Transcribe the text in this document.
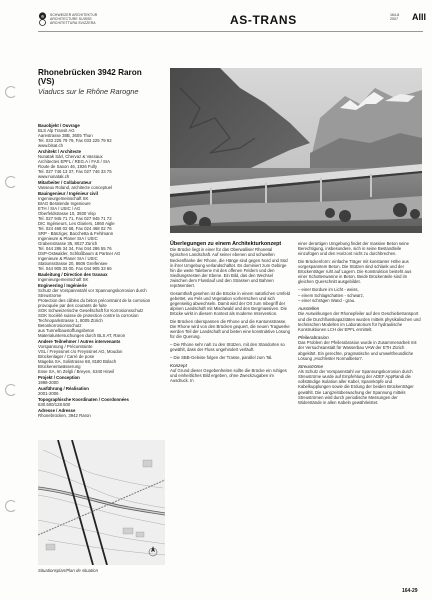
a SCHWEIZER ARCHITEKTUR
ARCHITECTURE SUISSE
ARCHITETTURA SVIZZERA	AS-TRANS	164-8
2007 AIII
Rhonebrücken 3942 Raron (VS)
Viaducs sur le Rhône Rarogne
Bauobjekt / Ouvrage
BLS Alp Transit AG
Aarestrasse 38B, 3605 Thun
Tel. 033 225 79 79, Fax 033 225 79 92
www.blsat.ch
Architekt / Architecte
Nunatak Sàrl, Chervaz & Vassaux
Architectes EPFL / REG.A / FAS / SIA
Route de Saxon 46, 1926 Fully
Tel. 027 746 13 37, Fax 027 746 33 75
www.nunatak.ch
Mitarbeiter / Collaborateur
Vasseux Roland, architecte conceptuel
Bauingenieur / Ingénieur civil
Ingenieurgemeinschaft SK
BIAG Beratende Ingenieure
ETH / SIA / USIC / AG
Oberfeldstrasse 10, 3930 Visp
Tel. 027 945 71 71, Fax 027 945 71 72
DIC Ingénieurs, Les Glariers, 1860 Aigle
Tel. 024 468 02 68, Fax 024 468 02 76
SRP - Bänziger, Bacchetta & Fehlmann
Ingenieure & Planer SIA / USIC
Grabenstrasse 35, 8027 Zürich
Tel. 044 286 34 34, Fax 044 286 55 76
DSP-Ostwalder, Schlüßbaum & Partner AG
Ingenieure & Planer SIA / USIC
Stationsstrasse 20, 8606 Greifensee
Tel. 044 905 33 00, Fax 044 905 33 66
Bauleitung / Direction des travaux
Ingenieurgemeinschaft SK
Engineering / Ingénierie
Schutz der Vorspannstahl vor Spannungskorrosion durch Streustrome
Protection des câbles du béton précontraint de la corrosion provoquée par des courants de fuite
SGK Schweizerische Gesellschaft für Korrosionsschutz
SGK Société suisse de protection contre la corrosion
Technoparkstrasse 1, 8005 Zürich
Betonkorrosionsschutz
aus Tunnelbaustoffungsbeton
Materialuntersuchungen durch BLS AT, Raron
Andere Teilnehmer / Autres intervenants
Vorspannung / Précontrainte
VSL / Freyssinet c/o Freyssinet AG, Moudon
Brückenlager / Carré de pose
Mageba SA, Solistrasse 68, 8180 Bülach
Brückenentwässerung
Esse SA, Im Zelgli / Breyen, 6340 Hirwil
Projekt / Conception
1998-2000
Ausführung / Réalisation
2001-2006
Topographische Koordinaten / Coordonnées
630.500/128.500
Adresse / Adresse
Rhonebrücken, 3942 Raron
Überlegungen zu einem Architekturkonzept

Die Brücke liegt in einer für das Oberwalliser Rhonetal typischen Landschaft. Auf seiner ebenen und schwellen Beckenflanke der Rhone, die Hänge sind gegen Nord und Süd in ihrer Umgebung verlandschaftet. Es dominiert zum Gebirge hin die weite Talebene mit den offenen Feldern und den Siedlungsresten der Ebene. Ein Bild, das den Wechsel zwischen dem Flusslauf und den Strassen und Bahnen repräsentiert.

Gesamthaft gesehen ist die Brücke in einem natürlichen Umfeld gebettet, wo Fels und Vegetation vorherrschen und sich gegenseitig abwechseln. Damit wird der Ort zum Inbegriff der alpinen Landschaft mit Mischwald und den Bergmassiven. Die Brücke wirkt in diesem Kontext als moderne Intervention.

Die Brücken überspannen die Rhone und die Kantonsstrasse. Die Rhone wird von den Brücken gequert, die neuen Tragwerke werden Teil der Landschaft und bieten eine konstruktive Lösung für die Querung.

– Die Rhone sehr nah zu den Stützen, mit den Standorten so gewählt, dass der Fluss ungehindert verläuft.

– Die SBB-Geleise folgen der Trasse, parallel zum Tal.

Konzept

Auf Grund dieser Gegebenheiten sollte die Brücke ein ruhiges und einheitliches Bild ergeben, ohne Zweckzugaben im Ausdruck. In

einer derartigen Umgebung findet der massive Beton seine Berechtigung, insbesondere, sich in seine Bestandteile einzufügen und den Horizont nicht zu durchbrechen.

Die Brückenform: einfache Träger mit konstanter Höhe aus vorgespanntem Beton. Die Stützen sind schlank und der Brückenträger ruht auf Lagern. Die Konstruktion besteht aus einer Schottenwanne in Beton. Beide Brückenteile sind im gleichen Querschnitt ausgebildet.

– einer Bordure im Licht - weiss,

– einem Schlagschatten - schwarz,

– einer schrägen Wand - grau.

Ausstellen

Die Auswirkungen der Rhonepfeiler auf den Geschiebetransport und die Durchflusskapazitäten wurden mittels physikalischen und technischen Modellen im Laboratorium für hydraulische Konstruktionen LCH der EPFL ermittelt.

Pfeilerabrasion

Das Problem der Pfeilerabrasion wurde in Zusammenarbeit mit der Versuchsanstalt für Wasserbau VAW der ETH Zürich abgeklärt. Ein gerechte, pragmatische und umweltfreundliche Lösung „Hochfester Normalbeton“.

Streuströme

Als Schutz der Vorspannstahl vor Spannungskorrosion durch Streuströme wurde auf Empfehlung der ADEF AppRandi die vollständige Isolation aller Kabel, Spannköpfe und Kabelkupplungen sowie die Erdung der beiden Brückenträger gewählt. Die Langzeitüberwachung der Spannung mittels Streuströmen wird durch periodische Messungen der Widerstände in allen Kabeln gewährleistet.

Situationsplan/Plan de situation
164-29
